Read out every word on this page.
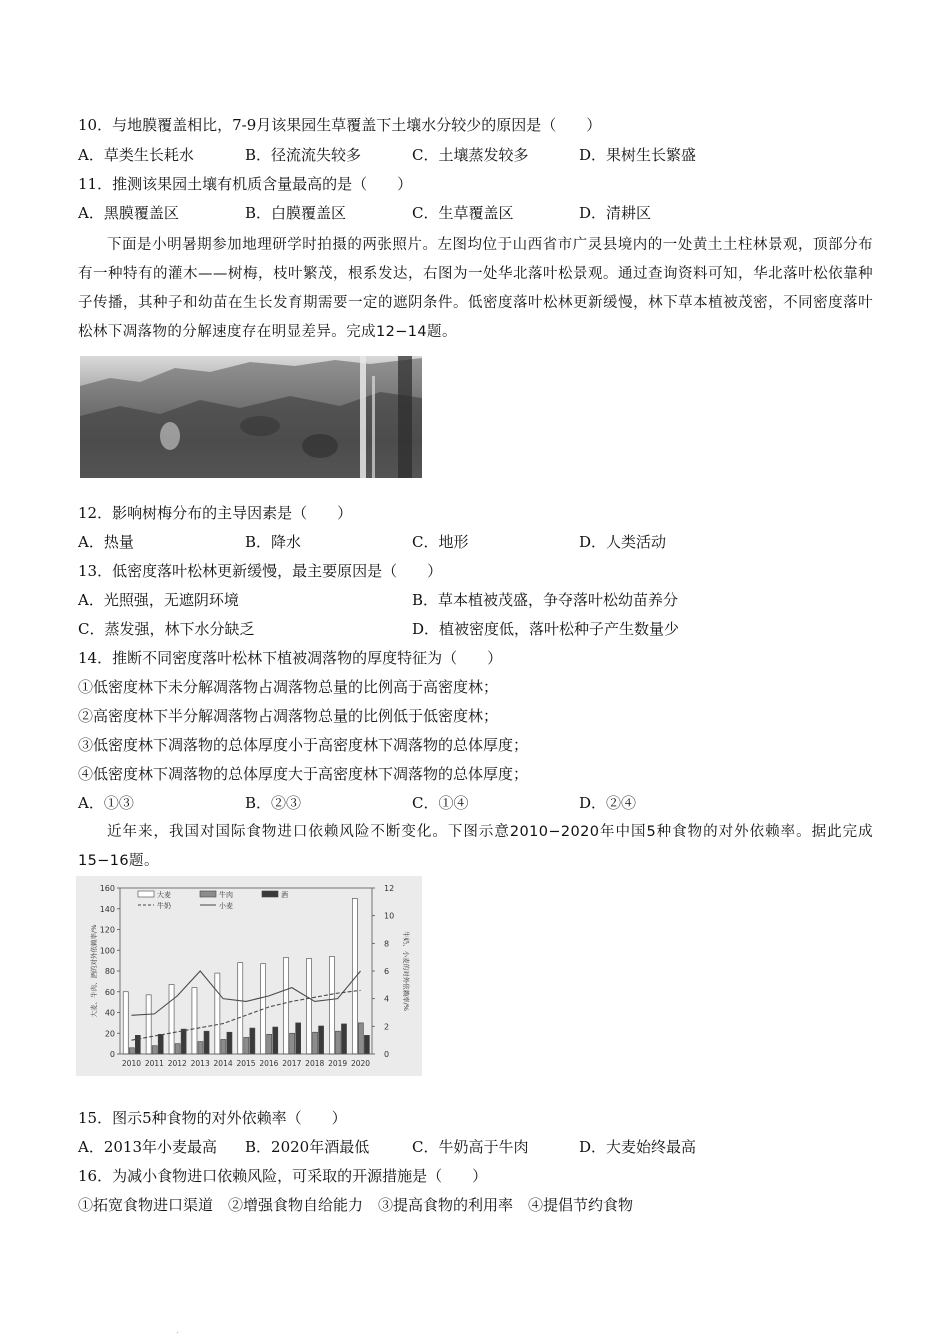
10．与地膜覆盖相比，7-9月该果园生草覆盖下土壤水分较少的原因是（　　）
A．草类生长耗水	B．径流流失较多	C．土壤蒸发较多	D．果树生长繁盛
11．推测该果园土壤有机质含量最高的是（　　）
A．黑膜覆盖区	B．白膜覆盖区	C．生草覆盖区	D．清耕区
下面是小明暑期参加地理研学时拍摄的两张照片。左图均位于山西省市广灵县境内的一处黄土土柱林景观，顶部分布有一种特有的灌木——树梅，枝叶繁茂，根系发达，右图为一处华北落叶松景观。通过查询资料可知，华北落叶松依靠种子传播，其种子和幼苗在生长发育期需要一定的遮阴条件。低密度落叶松林更新缓慢，林下草本植被茂密，不同密度落叶松林下凋落物的分解速度存在明显差异。完成12−14题。
12．影响树梅分布的主导因素是（　　）
A．热量	B．降水	C．地形	D．人类活动
13．低密度落叶松林更新缓慢，最主要原因是（　　）
A．光照强，无遮阴环境	B．草本植被茂盛，争夺落叶松幼苗养分
C．蒸发强，林下水分缺乏	D．植被密度低，落叶松种子产生数量少
14．推断不同密度落叶松林下植被凋落物的厚度特征为（　　）
①低密度林下未分解凋落物占凋落物总量的比例高于高密度林；
②高密度林下半分解凋落物占凋落物总量的比例低于低密度林；
③低密度林下凋落物的总体厚度小于高密度林下凋落物的总体厚度；
④低密度林下凋落物的总体厚度大于高密度林下凋落物的总体厚度；
A．①③	B．②③	C．①④	D．②④
近年来，我国对国际食物进口依赖风险不断变化。下图示意2010−2020年中国5种食物的对外依赖率。据此完成15−16题。
0
20
40
60
80
100
120
140
160
0
2
4
6
8
10
12
大麦、牛肉、酒的对外依赖率/%	牛奶、小麦的对外依赖率/%
2010 2011 2012 2013 2014 2015 2016 2017 2018 2019 2020
大麦	牛肉	酒
牛奶	小麦
15．图示5种食物的对外依赖率（　　）
A．2013年小麦最高 B．2020年酒最低	C．牛奶高于牛肉	D．大麦始终最高
16．为减小食物进口依赖风险，可采取的开源措施是（　　）
①拓宽食物进口渠道　②增强食物自给能力　③提高食物的利用率　④提倡节约食物
.
